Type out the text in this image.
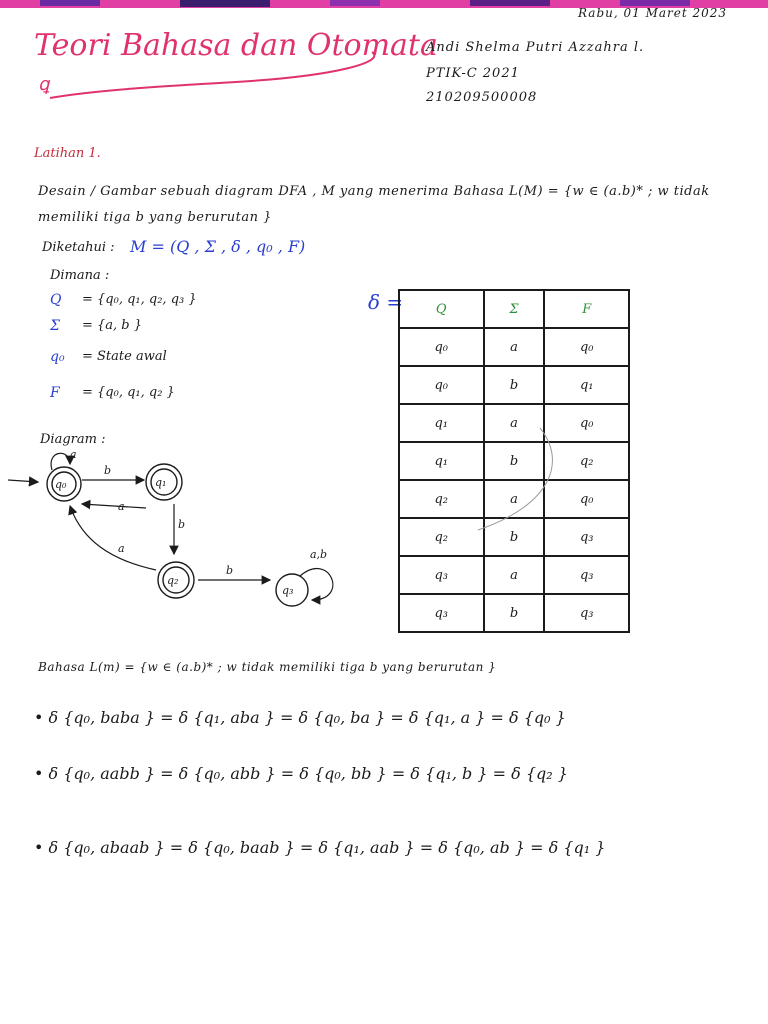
Rabu, 01 Maret 2023
Teori Bahasa dan Otomata
ꝗ
Andi Shelma Putri Azzahra l.
PTIK-C 2021
210209500008
Latihan 1.
Desain / Gambar sebuah diagram DFA , M yang menerima Bahasa L(M) = {w ∈ (a.b)* ; w tidak
memiliki tiga b yang berurutan }
Diketahui : M = (Q , Σ , δ , q₀ , F)
Dimana :
Q = {q₀, q₁, q₂, q₃ }
Σ = {a, b }
q₀ = State awal
F = {q₀, q₁, q₂ }
δ =	Q	Σ	F
q₀	a	q₀
q₀	b	q₁
q₁	a	q₀
q₁	b	q₂
q₂	a	q₀
q₂	b	q₃
q₃	a	q₃
q₃	b	q₃
Diagram :
q₀
a
q₁
b
a
q₂
b
a
q₃
b
a,b
Bahasa L(m) = {w ∈ (a.b)* ; w tidak memiliki tiga b yang berurutan }
• δ {q₀, baba } = δ {q₁, aba } = δ {q₀, ba } = δ {q₁, a } = δ {q₀ }
• δ {q₀, aabb } = δ {q₀, abb } = δ {q₀, bb } = δ {q₁, b } = δ {q₂ }
• δ {q₀, abaab } = δ {q₀, baab } = δ {q₁, aab } = δ {q₀, ab } = δ {q₁ }
